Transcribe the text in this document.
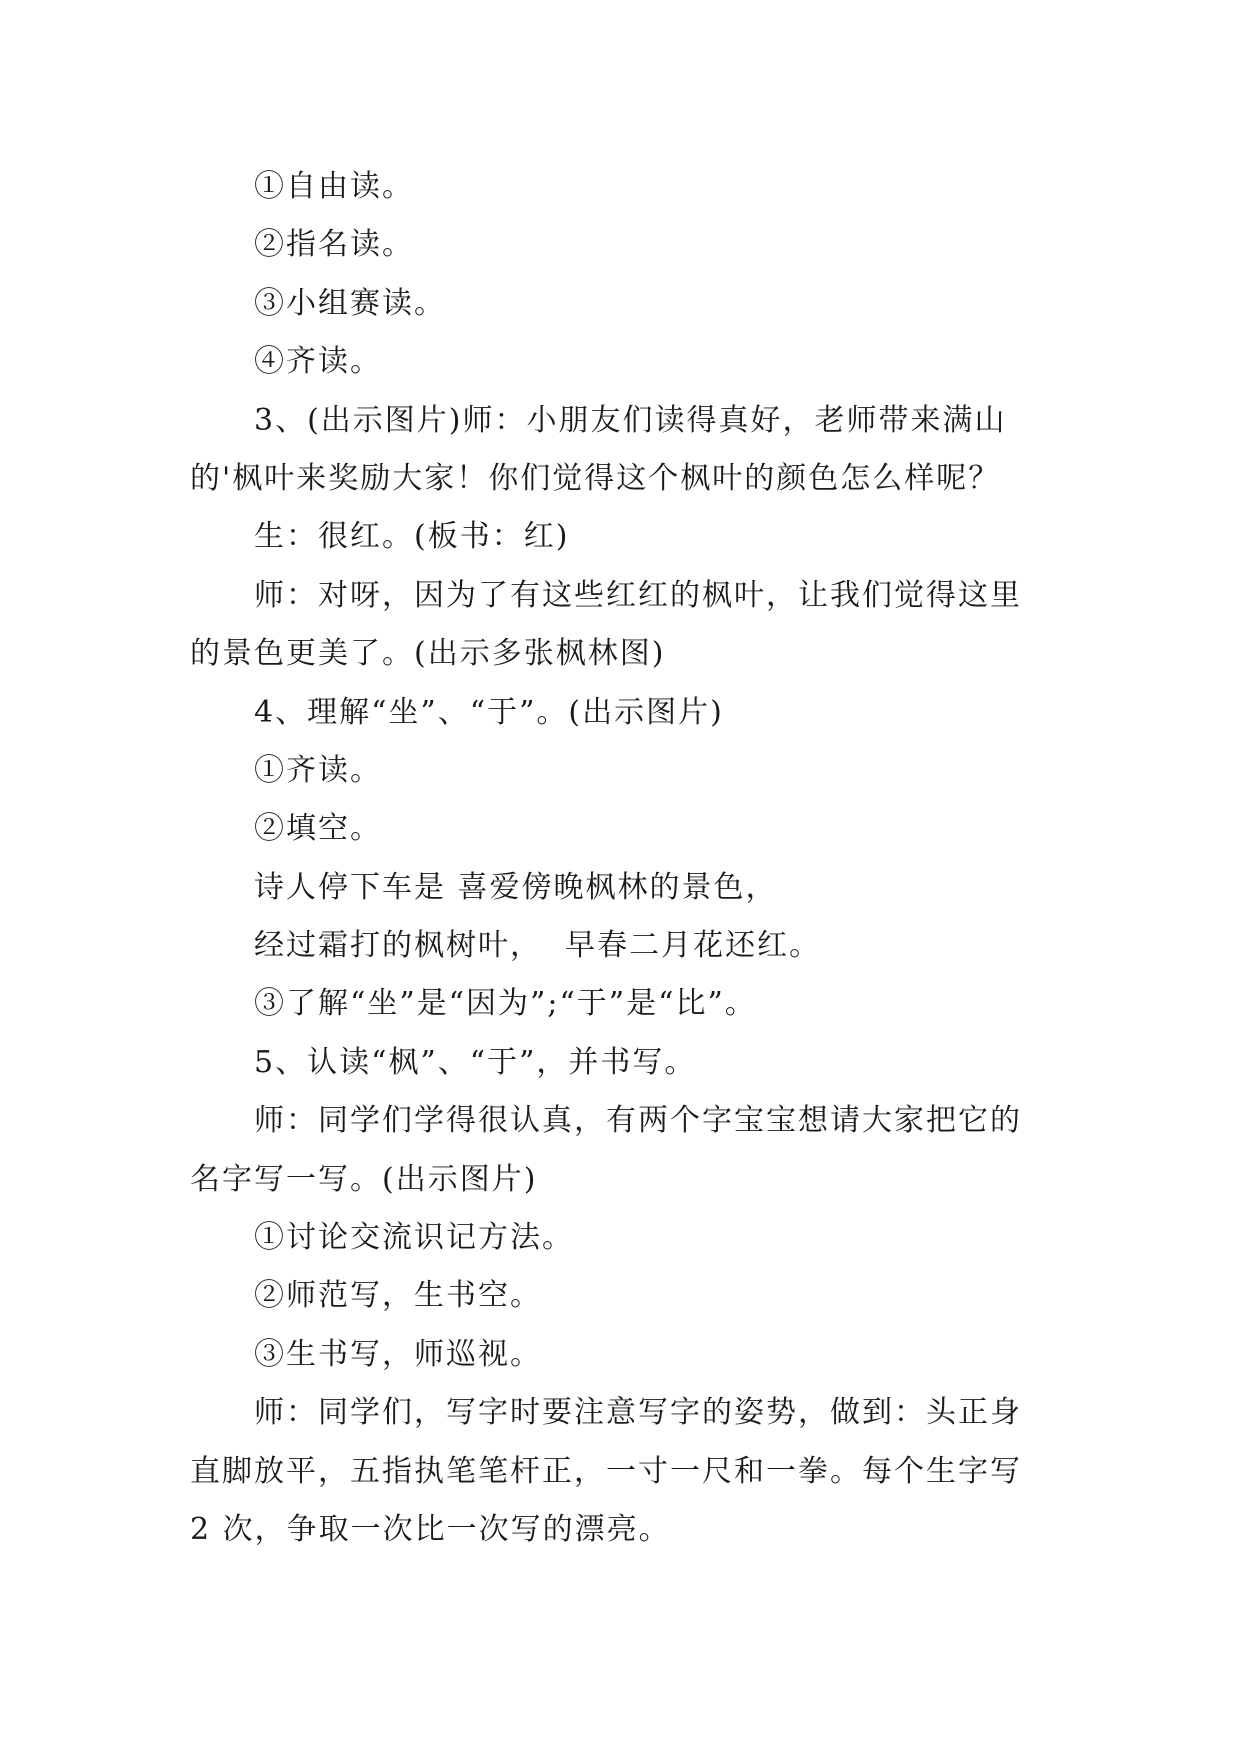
①自由读。
②指名读。
③小组赛读。
④齐读。
3、(出示图片)师：小朋友们读得真好，老师带来满山
的'枫叶来奖励大家！你们觉得这个枫叶的颜色怎么样呢？
生：很红。(板书：红)
师：对呀，因为了有这些红红的枫叶，让我们觉得这里
的景色更美了。(出示多张枫林图)
4、理解“坐”、“于”。(出示图片)
①齐读。
②填空。
诗人停下车是 喜爱傍晚枫林的景色，
经过霜打的枫树叶，  早春二月花还红。
③了解“坐”是“因为”;“于”是“比”。
5、认读“枫”、“于”，并书写。
师：同学们学得很认真，有两个字宝宝想请大家把它的
名字写一写。(出示图片)
①讨论交流识记方法。
②师范写，生书空。
③生书写，师巡视。
师：同学们，写字时要注意写字的姿势，做到：头正身
直脚放平，五指执笔笔杆正，一寸一尺和一拳。每个生字写
2 次，争取一次比一次写的漂亮。
